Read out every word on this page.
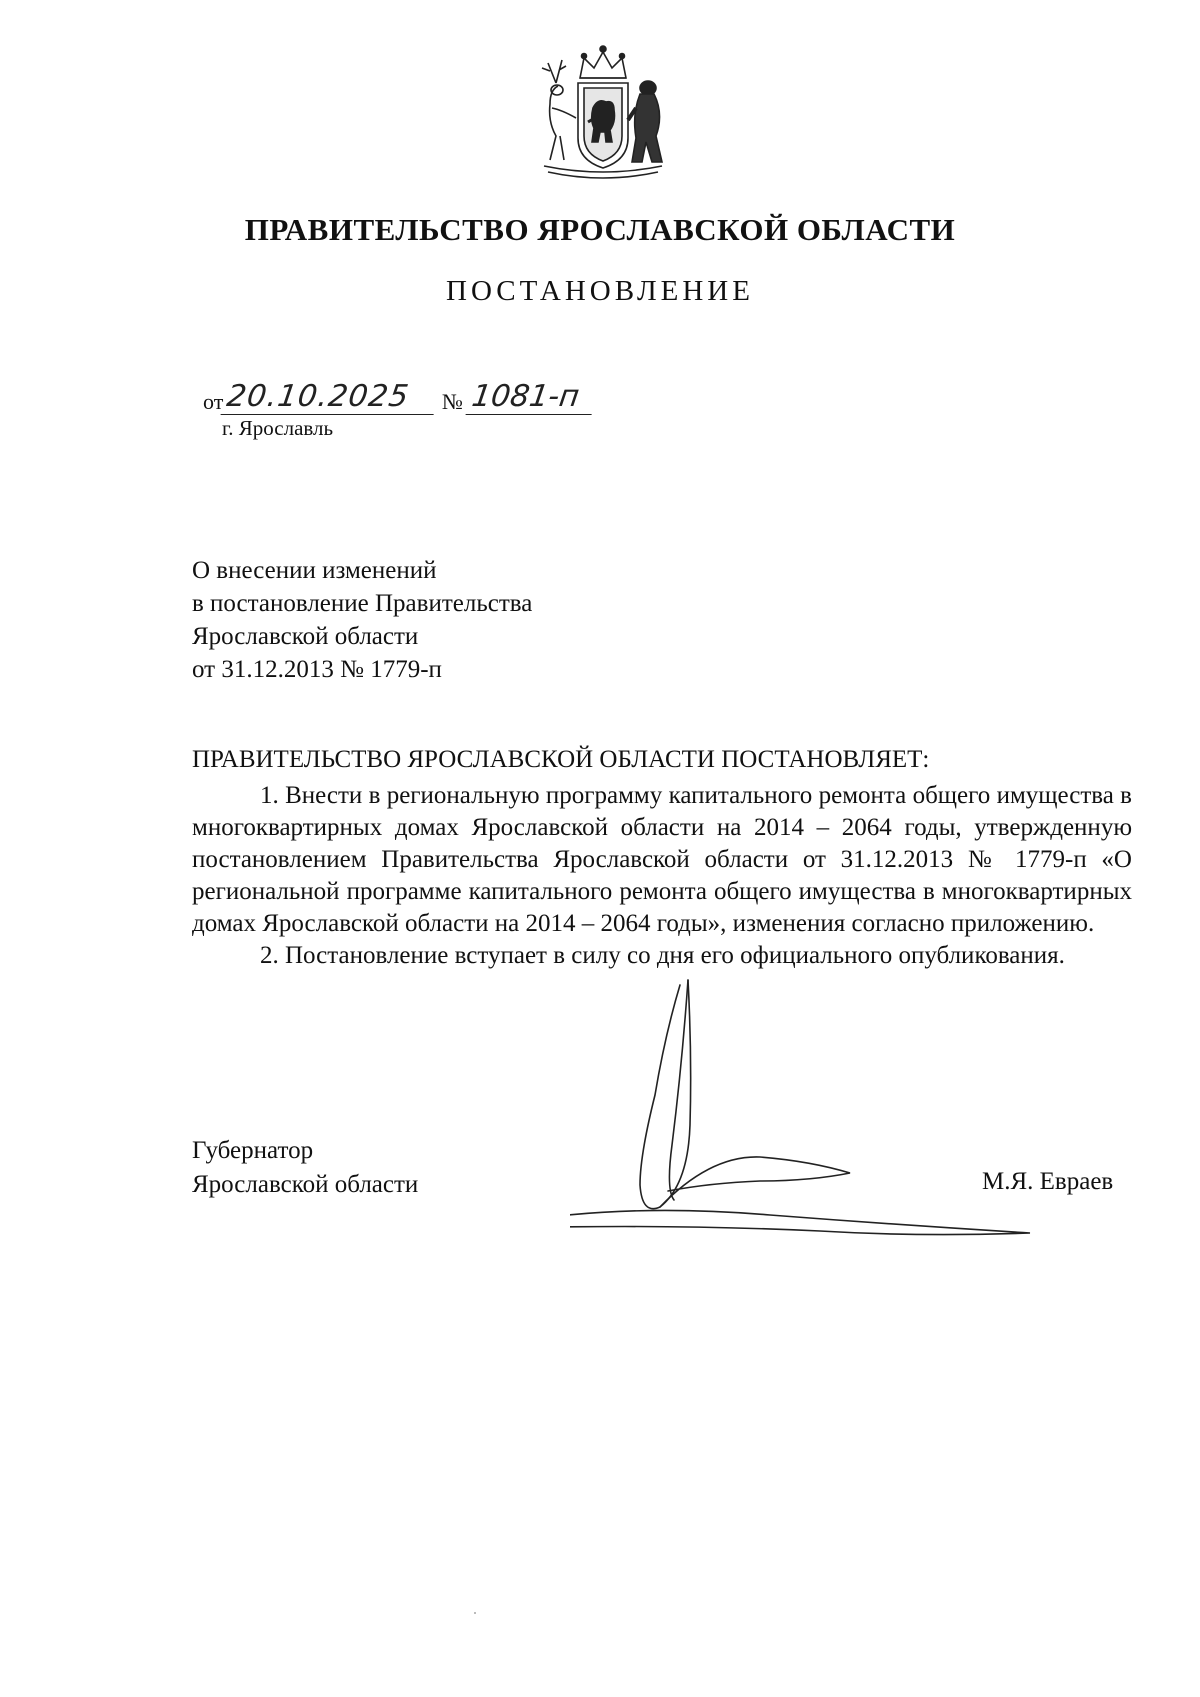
ПРАВИТЕЛЬСТВО ЯРОСЛАВСКОЙ ОБЛАСТИ
ПОСТАНОВЛЕНИЕ
от20.10.2025 № 1081-п
г. Ярославль
О внесении изменений
в постановление Правительства
Ярославской области
от 31.12.2013 № 1779-п
ПРАВИТЕЛЬСТВО ЯРОСЛАВСКОЙ ОБЛАСТИ ПОСТАНОВЛЯЕТ:

1. Внести в региональную программу капитального ремонта общего имущества в многоквартирных домах Ярославской области на 2014 – 2064 годы, утвержденную постановлением Правительства Ярославской области от 31.12.2013 № 1779-п «О региональной программе капитального ремонта общего имущества в многоквартирных домах Ярославской области на 2014 – 2064 годы», изменения согласно приложению.

2. Постановление вступает в силу со дня его официального опубликования.

Губернатор
Ярославской области	М.Я. Евраев
